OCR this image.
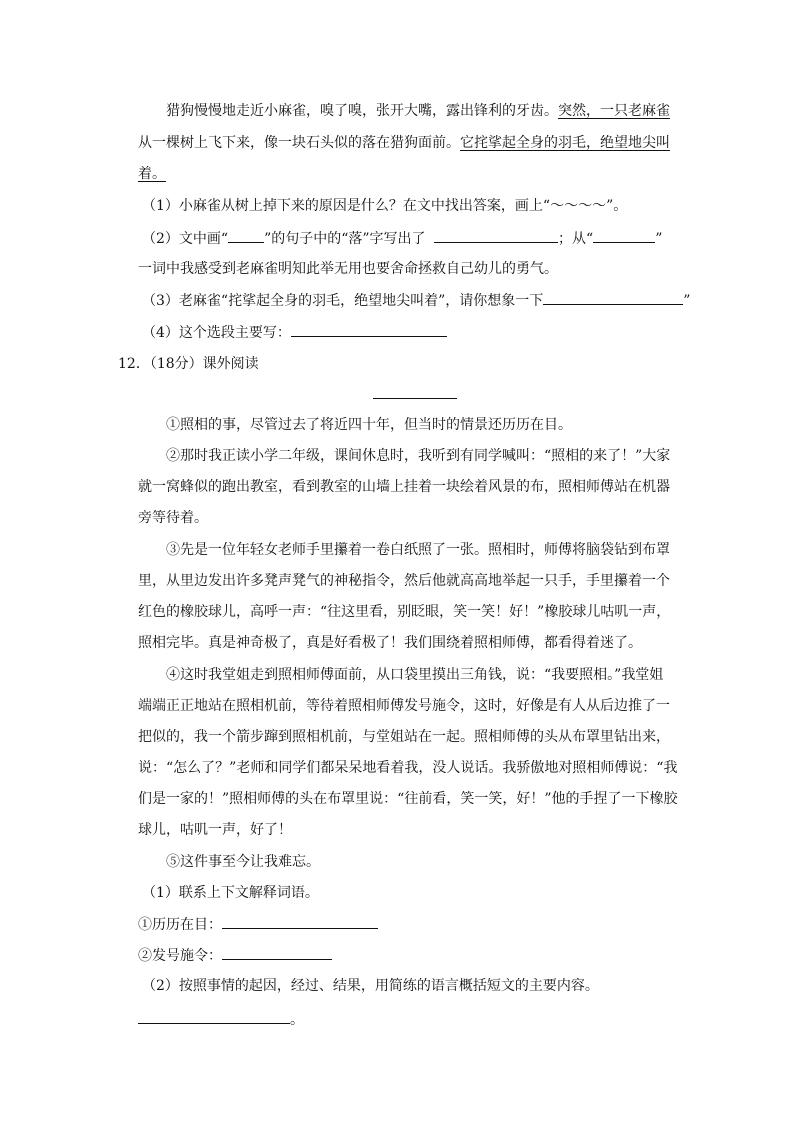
猎狗慢慢地走近小麻雀，嗅了嗅，张开大嘴，露出锋利的牙齿。突然，一只老麻雀
从一棵树上飞下来，像一块石头似的落在猎狗面前。它挓挲起全身的羽毛，绝望地尖叫
着。
（1）小麻雀从树上掉下来的原因是什么？在文中找出答案，画上“～～～～”。
（2）文中画“	”的句子中的“落”字写出了	；从“	”
一词中我感受到老麻雀明知此举无用也要舍命拯救自己幼儿的勇气。
（3）老麻雀“挓挲起全身的羽毛，绝望地尖叫着”，请你想象一下	”
（4）这个选段主要写：
12．（18分）课外阅读
①照相的事，尽管过去了将近四十年，但当时的情景还历历在目。
②那时我正读小学二年级，课间休息时，我听到有同学喊叫：“照相的来了！”大家
就一窝蜂似的跑出教室，看到教室的山墙上挂着一块绘着风景的布，照相师傅站在机器
旁等待着。
③先是一位年轻女老师手里攥着一卷白纸照了一张。照相时，师傅将脑袋钻到布罩
里，从里边发出许多凳声凳气的神秘指令，然后他就高高地举起一只手，手里攥着一个
红色的橡胶球儿，高呼一声：“往这里看，别眨眼，笑一笑！好！”橡胶球儿咕叽一声，
照相完毕。真是神奇极了，真是好看极了！我们围绕着照相师傅，都看得着迷了。
④这时我堂姐走到照相师傅面前，从口袋里摸出三角钱，说：“我要照相。”我堂姐
端端正正地站在照相机前，等待着照相师傅发号施令，这时，好像是有人从后边推了一
把似的，我一个箭步蹿到照相机前，与堂姐站在一起。照相师傅的头从布罩里钻出来，
说：“怎么了？”老师和同学们都呆呆地看着我，没人说话。我骄傲地对照相师傅说：“我
们是一家的！”照相师傅的头在布罩里说：“往前看，笑一笑，好！”他的手捏了一下橡胶
球儿，咕叽一声，好了！
⑤这件事至今让我难忘。
（1）联系上下文解释词语。
①历历在目：
②发号施令：
（2）按照事情的起因，经过、结果，用简练的语言概括短文的主要内容。
。
